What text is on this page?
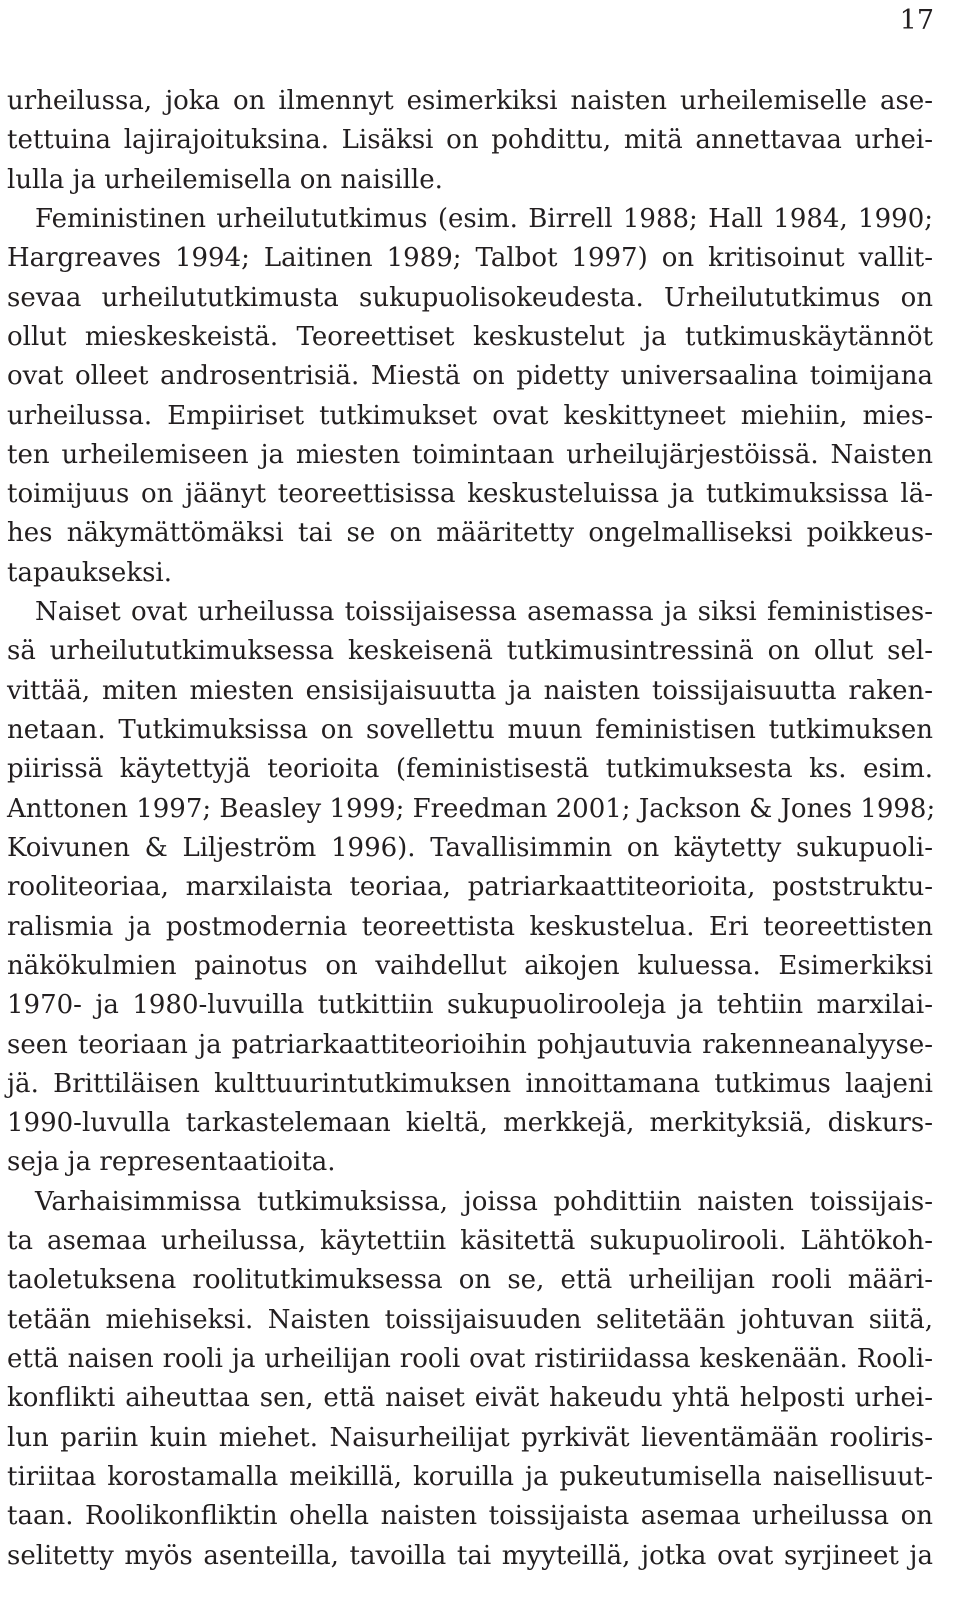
17
urheilussa, joka on ilmennyt esimerkiksi naisten urheilemiselle ase-
tettuina lajirajoituksina. Lisäksi on pohdittu, mitä annettavaa urhei-
lulla ja urheilemisella on naisille.
Feministinen urheilututkimus (esim. Birrell 1988; Hall 1984, 1990;
Hargreaves 1994; Laitinen 1989; Talbot 1997) on kritisoinut vallit-
sevaa urheilututkimusta sukupuolisokeudesta. Urheilututkimus on
ollut mieskeskeistä. Teoreettiset keskustelut ja tutkimuskäytännöt
ovat olleet androsentrisiä. Miestä on pidetty universaalina toimijana
urheilussa. Empiiriset tutkimukset ovat keskittyneet miehiin, mies-
ten urheilemiseen ja miesten toimintaan urheilujärjestöissä. Naisten
toimijuus on jäänyt teoreettisissa keskusteluissa ja tutkimuksissa lä-
hes näkymättömäksi tai se on määritetty ongelmalliseksi poikkeus-
tapaukseksi.
Naiset ovat urheilussa toissijaisessa asemassa ja siksi feministises-
sä urheilututkimuksessa keskeisenä tutkimusintressinä on ollut sel-
vittää, miten miesten ensisijaisuutta ja naisten toissijaisuutta raken-
netaan. Tutkimuksissa on sovellettu muun feministisen tutkimuksen
piirissä käytettyjä teorioita (feministisestä tutkimuksesta ks. esim.
Anttonen 1997; Beasley 1999; Freedman 2001; Jackson & Jones 1998;
Koivunen & Liljeström 1996). Tavallisimmin on käytetty sukupuoli-
rooliteoriaa, marxilaista teoriaa, patriarkaattiteorioita, poststruktu-
ralismia ja postmodernia teoreettista keskustelua. Eri teoreettisten
näkökulmien painotus on vaihdellut aikojen kuluessa. Esimerkiksi
1970- ja 1980-luvuilla tutkittiin sukupuolirooleja ja tehtiin marxilai-
seen teoriaan ja patriarkaattiteorioihin pohjautuvia rakenneanalyyse-
jä. Brittiläisen kulttuurintutkimuksen innoittamana tutkimus laajeni
1990-luvulla tarkastelemaan kieltä, merkkejä, merkityksiä, diskurs-
seja ja representaatioita.
Varhaisimmissa tutkimuksissa, joissa pohdittiin naisten toissijais-
ta asemaa urheilussa, käytettiin käsitettä sukupuolirooli. Lähtökoh-
taoletuksena roolitutkimuksessa on se, että urheilijan rooli määri-
tetään miehiseksi. Naisten toissijaisuuden selitetään johtuvan siitä,
että naisen rooli ja urheilijan rooli ovat ristiriidassa keskenään. Rooli-
konflikti aiheuttaa sen, että naiset eivät hakeudu yhtä helposti urhei-
lun pariin kuin miehet. Naisurheilijat pyrkivät lieventämään rooliris-
tiriitaa korostamalla meikillä, koruilla ja pukeutumisella naisellisuut-
taan. Roolikonfliktin ohella naisten toissijaista asemaa urheilussa on
selitetty myös asenteilla, tavoilla tai myyteillä, jotka ovat syrjineet ja
